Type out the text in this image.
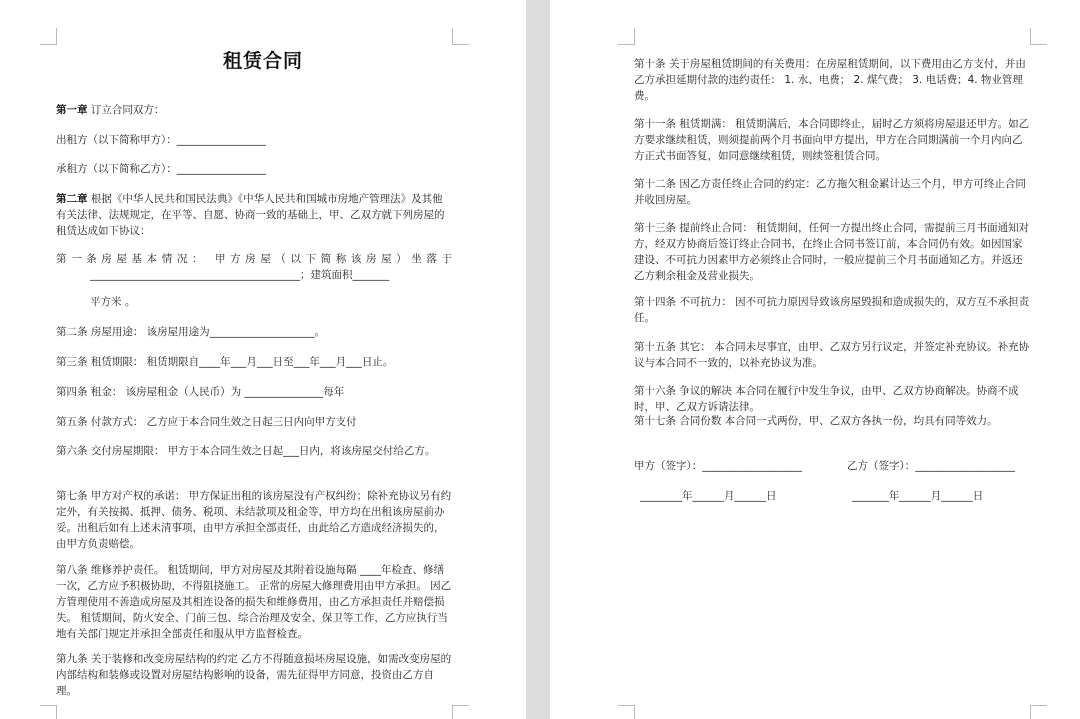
租赁合同

第一章 订立合同双方：

出租方（以下简称甲方）：_________________

承租方（以下简称乙方）：_________________

第二章 根据《中华人民共和国民法典》《中华人民共和国城市房地产管理法》及其他有关法律、法规规定，在平等、自愿、协商一致的基础上，甲、乙双方就下列房屋的租赁达成如下协议：

第一条房屋基本情况： 甲方房屋（以下简称该房屋）坐落于

________________________________________；建筑面积_______

平方米 。

第二条 房屋用途： 该房屋用途为____________________。

第三条 租赁期限： 租赁期限自____年___月___日至___年___月___日止。

第四条 租金： 该房屋租金（人民币）为 _______________每年

第五条 付款方式： 乙方应于本合同生效之日起三日内向甲方支付

第六条 交付房屋期限： 甲方于本合同生效之日起___日内，将该房屋交付给乙方。

第七条 甲方对产权的承诺： 甲方保证出租的该房屋没有产权纠纷；除补充协议另有约定外，有关按揭、抵押、债务、税项、未结款项及租金等，甲方均在出租该房屋前办妥。出租后如有上述未清事项，由甲方承担全部责任，由此给乙方造成经济损失的，由甲方负责赔偿。

第八条 维修养护责任。 租赁期间，甲方对房屋及其附着设施每隔 ____年检查、修缮一次，乙方应予积极协助，不得阻挠施工。 正常的房屋大修理费用由甲方承担。 因乙方管理使用不善造成房屋及其相连设备的损失和维修费用，由乙方承担责任并赔偿损失。 租赁期间，防火安全、门前三包、综合治理及安全、保卫等工作，乙方应执行当地有关部门规定并承担全部责任和服从甲方监督检查。

第九条 关于装修和改变房屋结构的约定 乙方不得随意损坏房屋设施，如需改变房屋的内部结构和装修或设置对房屋结构影响的设备，需先征得甲方同意，投资由乙方自理。

第十条 关于房屋租赁期间的有关费用：在房屋租赁期间，以下费用由乙方支付，并由乙方承担延期付款的违约责任： 1. 水、电费； 2. 煤气费； 3. 电话费；4. 物业管理费。

第十一条 租赁期满： 租赁期满后，本合同即终止，届时乙方须将房屋退还甲方。如乙方要求继续租赁，则须提前两个月书面向甲方提出，甲方在合同期满前一个月内向乙方正式书面答复，如同意继续租赁，则续签租赁合同。

第十二条 因乙方责任终止合同的约定：乙方拖欠租金累计达三个月，甲方可终止合同并收回房屋。

第十三条 提前终止合同： 租赁期间，任何一方提出终止合同，需提前三月书面通知对方，经双方协商后签订终止合同书，在终止合同书签订前，本合同仍有效。如因国家建设、不可抗力因素甲方必须终止合同时，一般应提前三个月书面通知乙方。并返还乙方剩余租金及营业损失。

第十四条 不可抗力： 因不可抗力原因导致该房屋毁损和造成损失的，双方互不承担责任。

第十五条 其它： 本合同未尽事宜，由甲、乙双方另行议定，并签定补充协议。补充协议与本合同不一致的，以补充协议为准。

第十六条 争议的解决 本合同在履行中发生争议，由甲、乙双方协商解决。协商不成时，甲、乙双方诉请法律。

第十七条 合同份数 本合同一式两份，甲、乙双方各执一份，均具有同等效力。

甲方（签字）：___________________	乙方（签字）：___________________
________年______月______日	_______年______月______日
